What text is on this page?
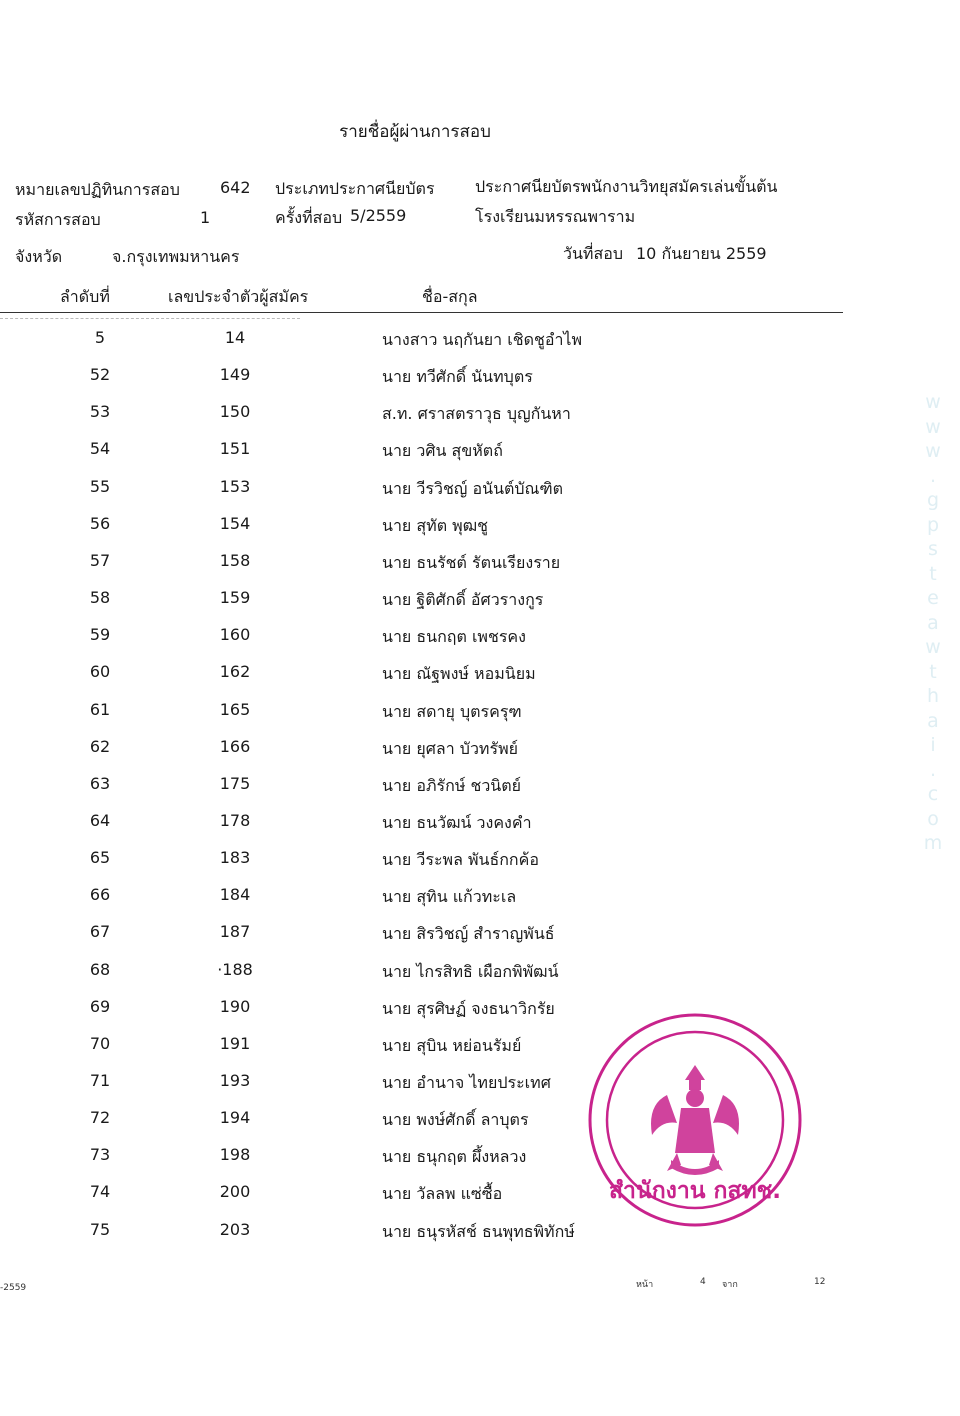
รายชื่อผู้ผ่านการสอบ
หมายเลขปฏิทินการสอบ	642 ประเภทประกาศนียบัตร	ประกาศนียบัตรพนักงานวิทยุสมัครเล่นขั้นต้น
รหัสการสอบ	1	ครั้งที่สอบ 5/2559	โรงเรียนมหรรณพาราม
จังหวัด	จ.กรุงเทพมหานคร	วันที่สอบ 10 กันยายน 2559
ลำดับที่	เลขประจำตัวผู้สมัคร	ชื่อ-สกุล
5	14	นางสาว นฤกันยา เชิดชูอำไพ
52	149	นาย ทวีศักดิ์ นันทบุตร
53	150	ส.ท. ศราสตราวุธ บุญกันหา
54	151	นาย วศิน สุขหัตถ์
55	153	นาย วีรวิชญ์ อนันต์บัณฑิต
56	154	นาย สุทัต พุฒชู
57	158	นาย ธนรัชต์ รัตนเรียงราย
58	159	นาย ฐิติศักดิ์ อัศวรางกูร
59	160	นาย ธนกฤต เพชรคง
60	162	นาย ณัฐพงษ์ หอมนิยม
61	165	นาย สดายุ บุตรครุฑ
62	166	นาย ยุศลา บัวทรัพย์
63	175	นาย อภิรักษ์ ชวนิตย์
64	178	นาย ธนวัฒน์ วงคงคำ
65	183	นาย วีระพล พันธ์กกค้อ
66	184	นาย สุทิน แก้วทะเล
67	187	นาย สิรวิชญ์ สำราญพันธ์
68	·188	นาย ไกรสิทธิ เผือกพิพัฒน์
69	190	นาย สุรศิษฏ์ จงธนาวิกรัย
70	191	นาย สุบิน หย่อนรัมย์
71	193	นาย อำนาจ ไทยประเทศ
72	194	นาย พงษ์ศักดิ์ ลาบุตร
73	198	นาย ธนุกฤต ผึ้งหลวง
74	200	นาย วัลลพ แซ่ซื้อ
75	203	นาย ธนุรหัสช์ ธนพุทธพิทักษ์
w
w
w
.
g
p
s
t
e
a
w
t
h
a
i
.
c
o
m
สำนักงาน กสทช.
-2559	หน้า	4 จาก	12
